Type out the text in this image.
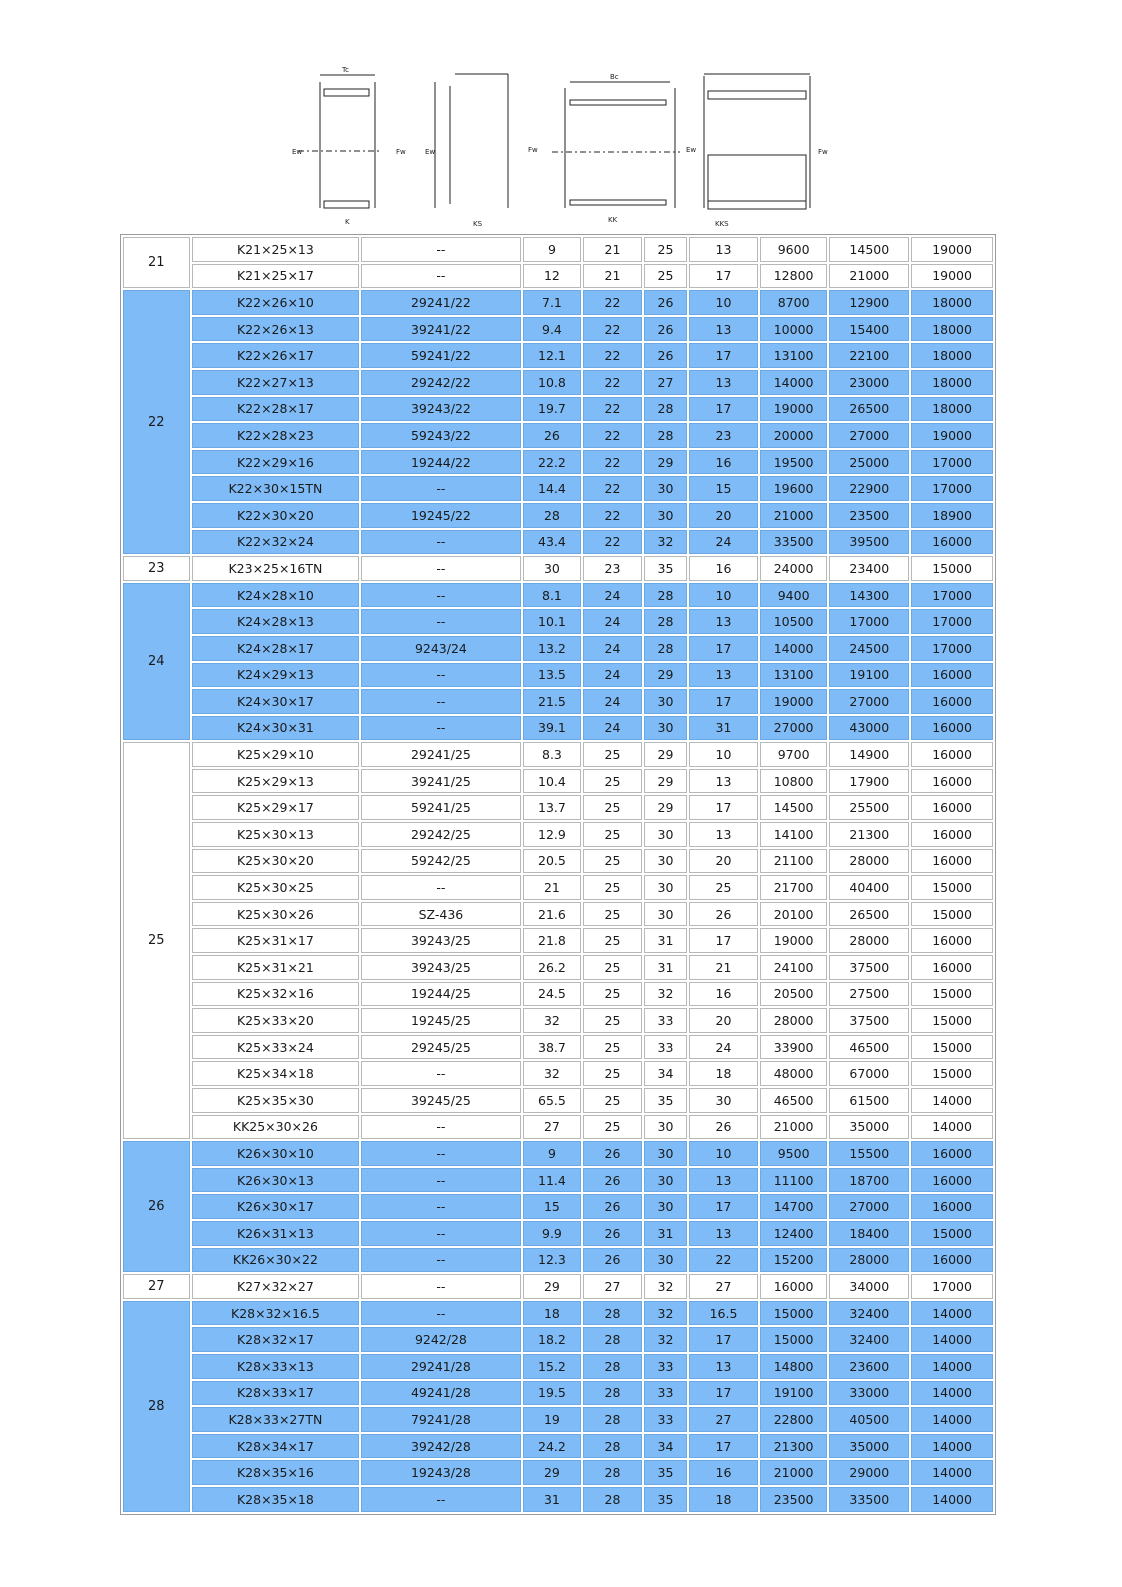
Tc
Ew	Fw
K
Ew
KS
Bc
Fw	Ew
KK
Fw
KKS
21	K21×25×13	--	9	21	25	13	9600	14500	19000
	K21×25×17	--	12	21	25	17	12800	21000	19000
22	K22×26×10	29241/22	7.1	22	26	10	8700	12900	18000
	K22×26×13	39241/22	9.4	22	26	13	10000	15400	18000
	K22×26×17	59241/22	12.1	22	26	17	13100	22100	18000
	K22×27×13	29242/22	10.8	22	27	13	14000	23000	18000
	K22×28×17	39243/22	19.7	22	28	17	19000	26500	18000
	K22×28×23	59243/22	26	22	28	23	20000	27000	19000
	K22×29×16	19244/22	22.2	22	29	16	19500	25000	17000
	K22×30×15TN	--	14.4	22	30	15	19600	22900	17000
	K22×30×20	19245/22	28	22	30	20	21000	23500	18900
	K22×32×24	--	43.4	22	32	24	33500	39500	16000
23	K23×25×16TN	--	30	23	35	16	24000	23400	15000
24	K24×28×10	--	8.1	24	28	10	9400	14300	17000
	K24×28×13	--	10.1	24	28	13	10500	17000	17000
	K24×28×17	9243/24	13.2	24	28	17	14000	24500	17000
	K24×29×13	--	13.5	24	29	13	13100	19100	16000
	K24×30×17	--	21.5	24	30	17	19000	27000	16000
	K24×30×31	--	39.1	24	30	31	27000	43000	16000
25	K25×29×10	29241/25	8.3	25	29	10	9700	14900	16000
	K25×29×13	39241/25	10.4	25	29	13	10800	17900	16000
	K25×29×17	59241/25	13.7	25	29	17	14500	25500	16000
	K25×30×13	29242/25	12.9	25	30	13	14100	21300	16000
	K25×30×20	59242/25	20.5	25	30	20	21100	28000	16000
	K25×30×25	--	21	25	30	25	21700	40400	15000
	K25×30×26	SZ-436	21.6	25	30	26	20100	26500	15000
	K25×31×17	39243/25	21.8	25	31	17	19000	28000	16000
	K25×31×21	39243/25	26.2	25	31	21	24100	37500	16000
	K25×32×16	19244/25	24.5	25	32	16	20500	27500	15000
	K25×33×20	19245/25	32	25	33	20	28000	37500	15000
	K25×33×24	29245/25	38.7	25	33	24	33900	46500	15000
	K25×34×18	--	32	25	34	18	48000	67000	15000
	K25×35×30	39245/25	65.5	25	35	30	46500	61500	14000
	KK25×30×26	--	27	25	30	26	21000	35000	14000
26	K26×30×10	--	9	26	30	10	9500	15500	16000
	K26×30×13	--	11.4	26	30	13	11100	18700	16000
	K26×30×17	--	15	26	30	17	14700	27000	16000
	K26×31×13	--	9.9	26	31	13	12400	18400	15000
	KK26×30×22	--	12.3	26	30	22	15200	28000	16000
27	K27×32×27	--	29	27	32	27	16000	34000	17000
28	K28×32×16.5	--	18	28	32	16.5	15000	32400	14000
	K28×32×17	9242/28	18.2	28	32	17	15000	32400	14000
	K28×33×13	29241/28	15.2	28	33	13	14800	23600	14000
	K28×33×17	49241/28	19.5	28	33	17	19100	33000	14000
	K28×33×27TN	79241/28	19	28	33	27	22800	40500	14000
	K28×34×17	39242/28	24.2	28	34	17	21300	35000	14000
	K28×35×16	19243/28	29	28	35	16	21000	29000	14000
	K28×35×18	--	31	28	35	18	23500	33500	14000
